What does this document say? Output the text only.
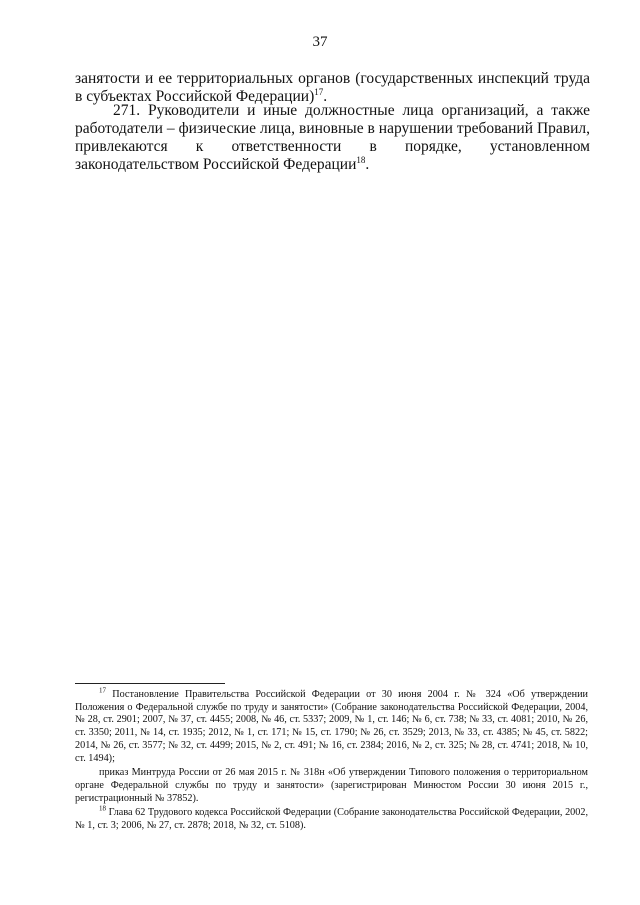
37

занятости и ее территориальных органов (государственных инспекций труда в субъектах Российской Федерации)$^{17}$.

271. Руководители и иные должностные лица организаций, а также работодатели – физические лица, виновные в нарушении требований Правил, привлекаются к ответственности в порядке, установленном законодательством Российской Федерации$^{18}$.

$^{17}$ Постановление Правительства Российской Федерации от 30 июня 2004 г. № 324 «Об утверждении Положения о Федеральной службе по труду и занятости» (Собрание законодательства Российской Федерации, 2004, № 28, ст. 2901; 2007, № 37, ст. 4455; 2008, № 46, ст. 5337; 2009, № 1, ст. 146; № 6, ст. 738; № 33, ст. 4081; 2010, № 26, ст. 3350; 2011, № 14, ст. 1935; 2012, № 1, ст. 171; № 15, ст. 1790; № 26, ст. 3529; 2013, № 33, ст. 4385; № 45, ст. 5822; 2014, № 26, ст. 3577; № 32, ст. 4499; 2015, № 2, ст. 491; № 16, ст. 2384; 2016, № 2, ст. 325; № 28, ст. 4741; 2018, № 10, ст. 1494);

приказ Минтруда России от 26 мая 2015 г. № 318н «Об утверждении Типового положения о территориальном органе Федеральной службы по труду и занятости» (зарегистрирован Минюстом России 30 июня 2015 г., регистрационный № 37852).

$^{18}$ Глава 62 Трудового кодекса Российской Федерации (Собрание законодательства Российской Федерации, 2002, № 1, ст. 3; 2006, № 27, ст. 2878; 2018, № 32, ст. 5108).
